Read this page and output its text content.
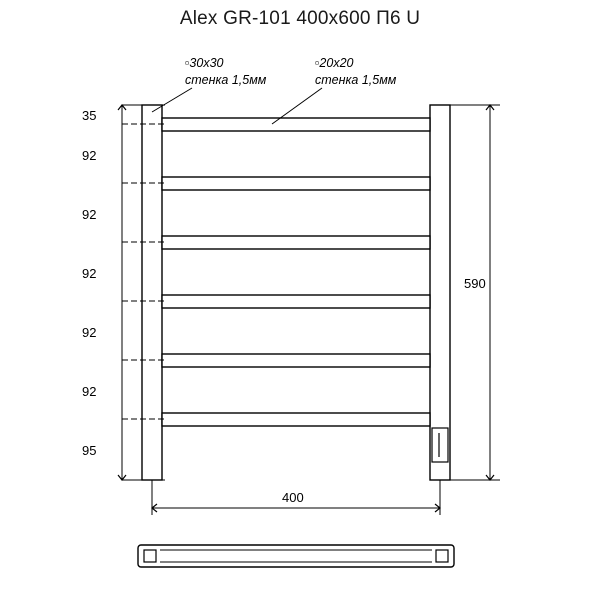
Alex GR-101 400x600 П6 U
▫30x30
стенка 1,5мм
▫20x20
стенка 1,5мм
35
92
92
92
92
92
95
590
400
